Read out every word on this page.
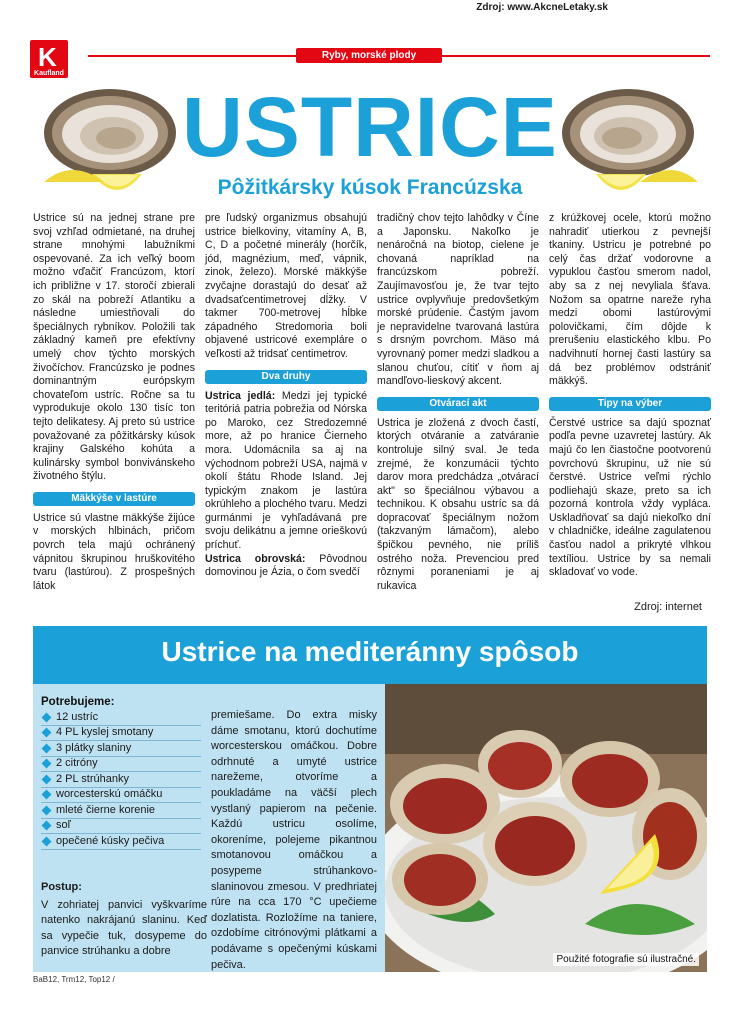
Zdroj: www.AkcneLetaky.sk
K
Kaufland
Ryby, morské plody
USTRICE
Pôžitkársky kúsok Francúzska

Ustrice sú na jednej strane pre svoj vzhľad odmietané, na druhej strane mnohými labužníkmi ospevované. Za ich veľký boom možno vďačiť Francúzom, ktorí ich približne v 17. storočí zbierali zo skál na pobreží Atlantiku a následne umiestňovali do špeciálnych rybníkov. Položili tak základný kameň pre efektívny umelý chov týchto morských živočíchov. Francúzsko je podnes dominantným európskym chovateľom ustríc. Ročne sa tu vyprodukuje okolo 130 tisíc ton tejto delikatesy. Aj preto sú ustrice považované za pôžitkársky kúsok krajiny Galského kohúta a kulinársky symbol bonvivánskeho životného štýlu.

Mäkkýše v lastúre

Ustrice sú vlastne mäkkýše žijúce v morských hlbinách, pričom povrch tela majú ochránený vápnitou škrupinou hruškovitého tvaru (lastúrou). Z prospešných látok

pre ľudský organizmus obsahujú ustrice bielkoviny, vitamíny A, B, C, D a početné minerály (horčík, jód, magnézium, meď, vápnik, zinok, železo). Morské mäkkýše zvyčajne dorastajú do desať až dvadsaťcentimetrovej dĺžky. V takmer 700-metrovej hĺbke západného Stredomoria boli objavené ustricové exempláre o veľkosti až tridsať centimetrov.

Dva druhy

Ustrica jedlá: Medzi jej typické teritóriá patria pobrežia od Nórska po Maroko, cez Stredozemné more, až po hranice Čierneho mora. Udomácnila sa aj na východnom pobreží USA, najmä v okolí štátu Rhode Island. Jej typickým znakom je lastúra okrúhleho a plochého tvaru. Medzi gurmánmi je vyhľadávaná pre svoju delikátnu a jemne orieškovú príchuť.

Ustrica obrovská: Pôvodnou domovinou je Ázia, o čom svedčí

tradičný chov tejto lahôdky v Číne a Japonsku. Nakoľko je nenáročná na biotop, cielene je chovaná napríklad na francúzskom pobreží. Zaujímavosťou je, že tvar tejto ustrice ovplyvňuje predovšetkým morské prúdenie. Častým javom je nepravidelne tvarovaná lastúra s drsným povrchom. Mäso má vyrovnaný pomer medzi sladkou a slanou chuťou, cítiť v ňom aj mandľovo-lieskový akcent.

Otvárací akt

Ustrica je zložená z dvoch častí, ktorých otváranie a zatváranie kontroluje silný sval. Je teda zrejmé, že konzumácii týchto darov mora predchádza „otvárací akt" so špeciálnou výbavou a technikou. K obsahu ustríc sa dá dopracovať špeciálnym nožom (takzvaným lámačom), alebo špičkou pevného, nie príliš ostrého noža. Prevenciou pred rôznymi poraneniami je aj rukavica

z krúžkovej ocele, ktorú možno nahradiť utierkou z pevnejší tkaniny. Ustricu je potrebné po celý čas držať vodorovne a vypuklou časťou smerom nadol, aby sa z nej nevyliala šťava. Nožom sa opatrne nareže ryha medzi obomi lastúrovými polovičkami, čím dôjde k prerušeniu elastického klbu. Po nadvihnutí hornej časti lastúry sa dá bez problémov odstrániť mäkkýš.

Tipy na výber

Čerstvé ustrice sa dajú spoznať podľa pevne uzavretej lastúry. Ak majú čo len čiastočne pootvorenú povrchovú škrupinu, už nie sú čerstvé. Ustrice veľmi rýchlo podliehajú skaze, preto sa ich pozorná kontrola vždy vypláca. Uskladňovať sa dajú niekoľko dní v chladničke, ideálne zagulatenou časťou nadol a prikryté vlhkou textíliou. Ustrice by sa nemali skladovať vo vode.

Zdroj: internet
Ustrice na mediteránny spôsob
Potrebujeme:
12 ustríc
4 PL kyslej smotany
3 plátky slaniny
2 citróny
2 PL strúhanky
worcesterskú omáčku
mleté čierne korenie
soľ
opečené kúsky pečiva
Postup:

V zohriatej panvici vyškvaríme natenko nakrájanú slaninu. Keď sa vypečie tuk, dosypeme do panvice strúhanku a dobre

premiešame. Do extra misky dáme smotanu, ktorú dochutíme worcesterskou omáčkou. Dobre odrhnuté a umyté ustrice narežeme, otvoríme a poukladáme na väčší plech vystlaný papierom na pečenie. Každú ustricu osolíme, okoreníme, polejeme pikantnou smotanovou omáčkou a posypeme strúhankovo-slaninovou zmesou. V predhriatej rúre na cca 170 °C upečieme dozlatista. Rozložíme na taniere, ozdobíme citrónovými plátkami a podávame s opečenými kúskami pečiva.	Použité fotografie sú ilustračné.
BaB12, Trm12, Top12 /
